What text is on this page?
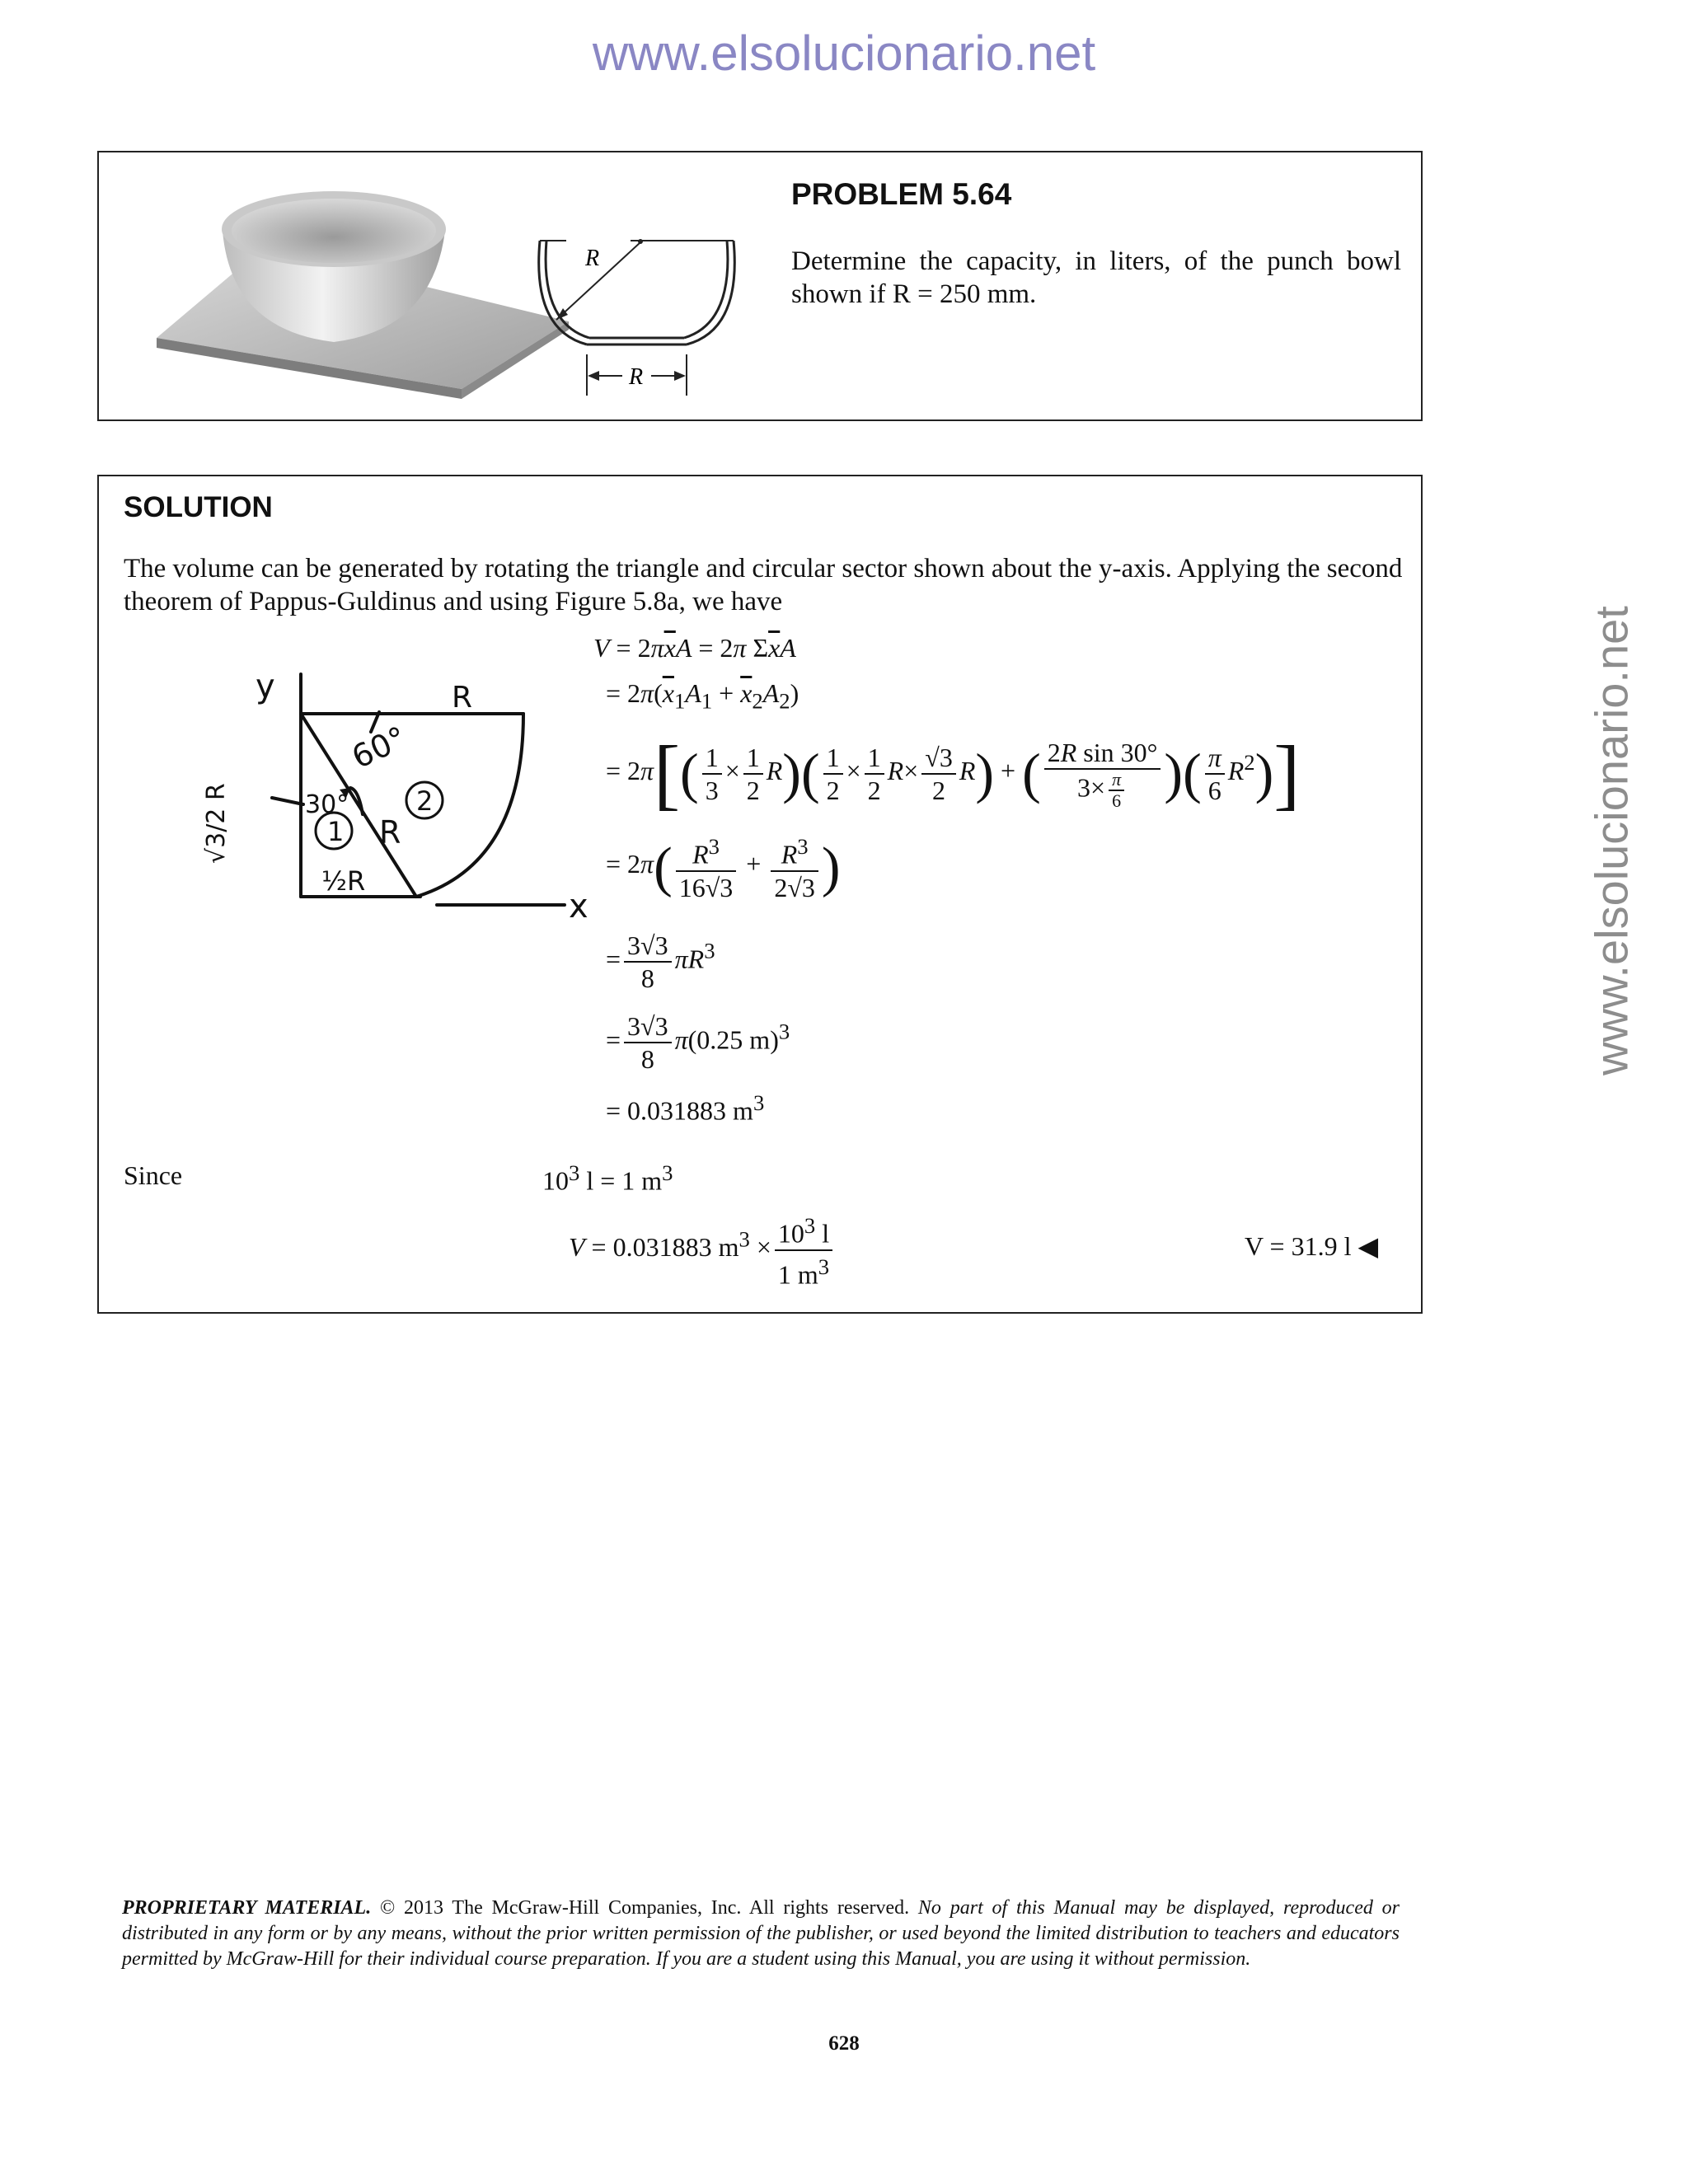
www.elsolucionario.net
www.elsolucionario.net
R
R
PROBLEM 5.64
Determine the capacity, in liters, of the punch bowl shown if R = 250 mm.
SOLUTION
The volume can be generated by rotating the triangle and circular sector shown about the y-axis. Applying the second theorem of Pappus-Guldinus and using Figure 5.8a, we have
y
x
60°
30°
R
R
1
2
½R
√3/2 R
$V = 2\pi\overline{x}A = 2\pi$ $\Sigma\overline{x}A$
= $2\pi(\overline{x}_1A_1 + \overline{x}_2A_2)$
= $2\pi[( \frac{1}{3} \times \frac{1}{2} R)( \frac{1}{2} \times \frac{1}{2} R\times \frac{√3}{2} R)$ + ( $\frac{\text{2R sin 30°}}{3\times \frac{\pi}{6}}$ )( $\frac{\pi}{6} R^2$)]
= $2\pi( \frac{R^3}{16√3} + \frac{R^3}{2√3}$ )
= $\frac{3√3}{8} \pi R^3$
= $\frac{3√3}{8} \pi(0.25$ m)$^3$
= 0.031883 $m^3$
Since	$10^3$ l = 1 $m^3$
V = 0.031883 $m^3 \times \frac{10^3 l}{1 m^3}$	V = 31.9 l ◀
PROPRIETARY MATERIAL. © 2013 The McGraw-Hill Companies, Inc. All rights reserved. No part of this Manual may be displayed, reproduced or distributed in any form or by any means, without the prior written permission of the publisher, or used beyond the limited distribution to teachers and educators permitted by McGraw-Hill for their individual course preparation. If you are a student using this Manual, you are using it without permission.
628
